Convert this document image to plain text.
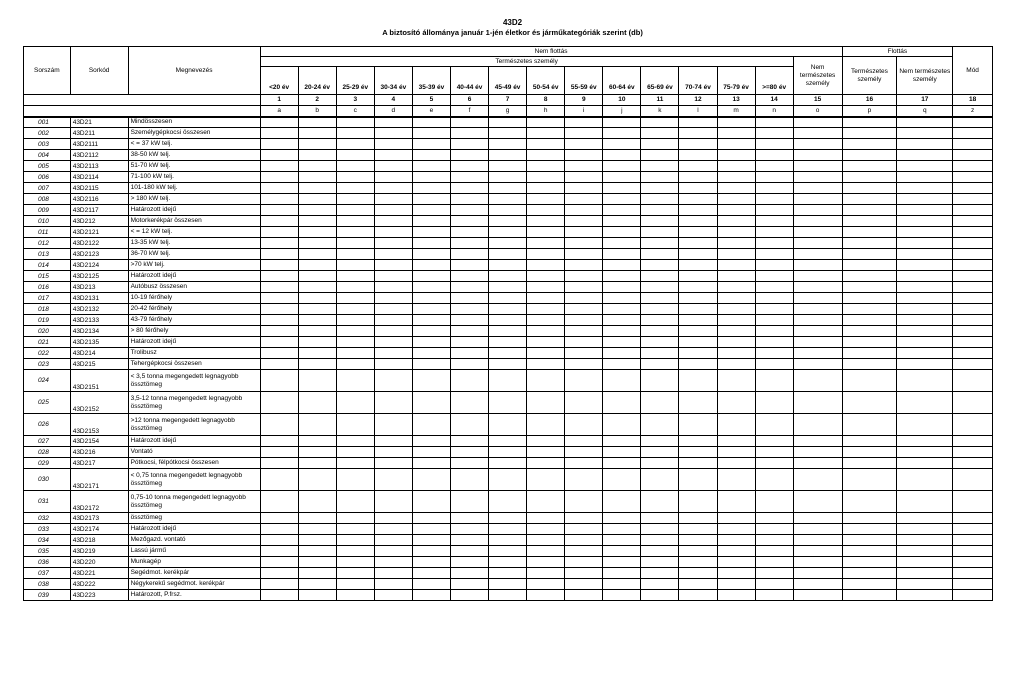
43D2
A biztosító állománya január 1-jén életkor és járműkategóriák szerint (db)
Sorszám	Sorkód	Megnevezés	Nem flottás															Flottás		Mód
			Természetes személy														Nem természetes személy	Természetes személy	Nem természetes személy	
			<20 év	20-24 év	25-29 év	30-34 év	35-39 év	40-44 év	45-49 év	50-54 év	55-59 év	60-64 év	65-69 év	70-74 év	75-79 év	>=80 év				
			1	2	3	4	5	6	7	8	9	10	11	12	13	14	15	16	17	18
			a	b	c	d	e	f	g	h	i	j	k	l	m	n	o	p	q	z
001	43D21	Mindösszesen																		
002	43D211	Személygépkocsi összesen																		
003	43D2111	< = 37 kW telj.																		
004	43D2112	38-50 kW telj.																		
005	43D2113	51-70 kW telj.																		
006	43D2114	71-100 kW telj.																		
007	43D2115	101-180 kW telj.																		
008	43D2116	> 180 kW telj.																		
009	43D2117	Határozott idejű																		
010	43D212	Motorkerékpár összesen																		
011	43D2121	< = 12 kW telj.																		
012	43D2122	13-35 kW telj.																		
013	43D2123	36-70 kW telj.																		
014	43D2124	>70 kW telj.																		
015	43D2125	Határozott idejű																		
016	43D213	Autóbusz összesen																		
017	43D2131	10-19 férőhely																		
018	43D2132	20-42 férőhely																		
019	43D2133	43-79 férőhely																		
020	43D2134	> 80 férőhely																		
021	43D2135	Határozott idejű																		
022	43D214	Trolibusz																		
023	43D215	Tehergépkocsi összesen																		
024	43D2151	< 3,5 tonna megengedett legnagyobb össztömeg																		
025	43D2152	3,5-12 tonna megengedett legnagyobb össztömeg																		
026	43D2153	>12 tonna megengedett legnagyobb össztömeg																		
027	43D2154	Határozott idejű																		
028	43D216	Vontató																		
029	43D217	Pótkocsi, félpótkocsi összesen																		
030	43D2171	< 0,75 tonna megengedett legnagyobb össztömeg																		
031	43D2172	0,75-10 tonna megengedett legnagyobb össztömeg																		
032	43D2173	össztömeg																		
033	43D2174	Határozott idejű																		
034	43D218	Mezőgazd. vontató																		
035	43D219	Lassú jármű																		
036	43D220	Munkagép																		
037	43D221	Segédmot. kerékpár																		
038	43D222	Négykerekű segédmot. kerékpár																		
039	43D223	Határozott, P.frsz.																		
